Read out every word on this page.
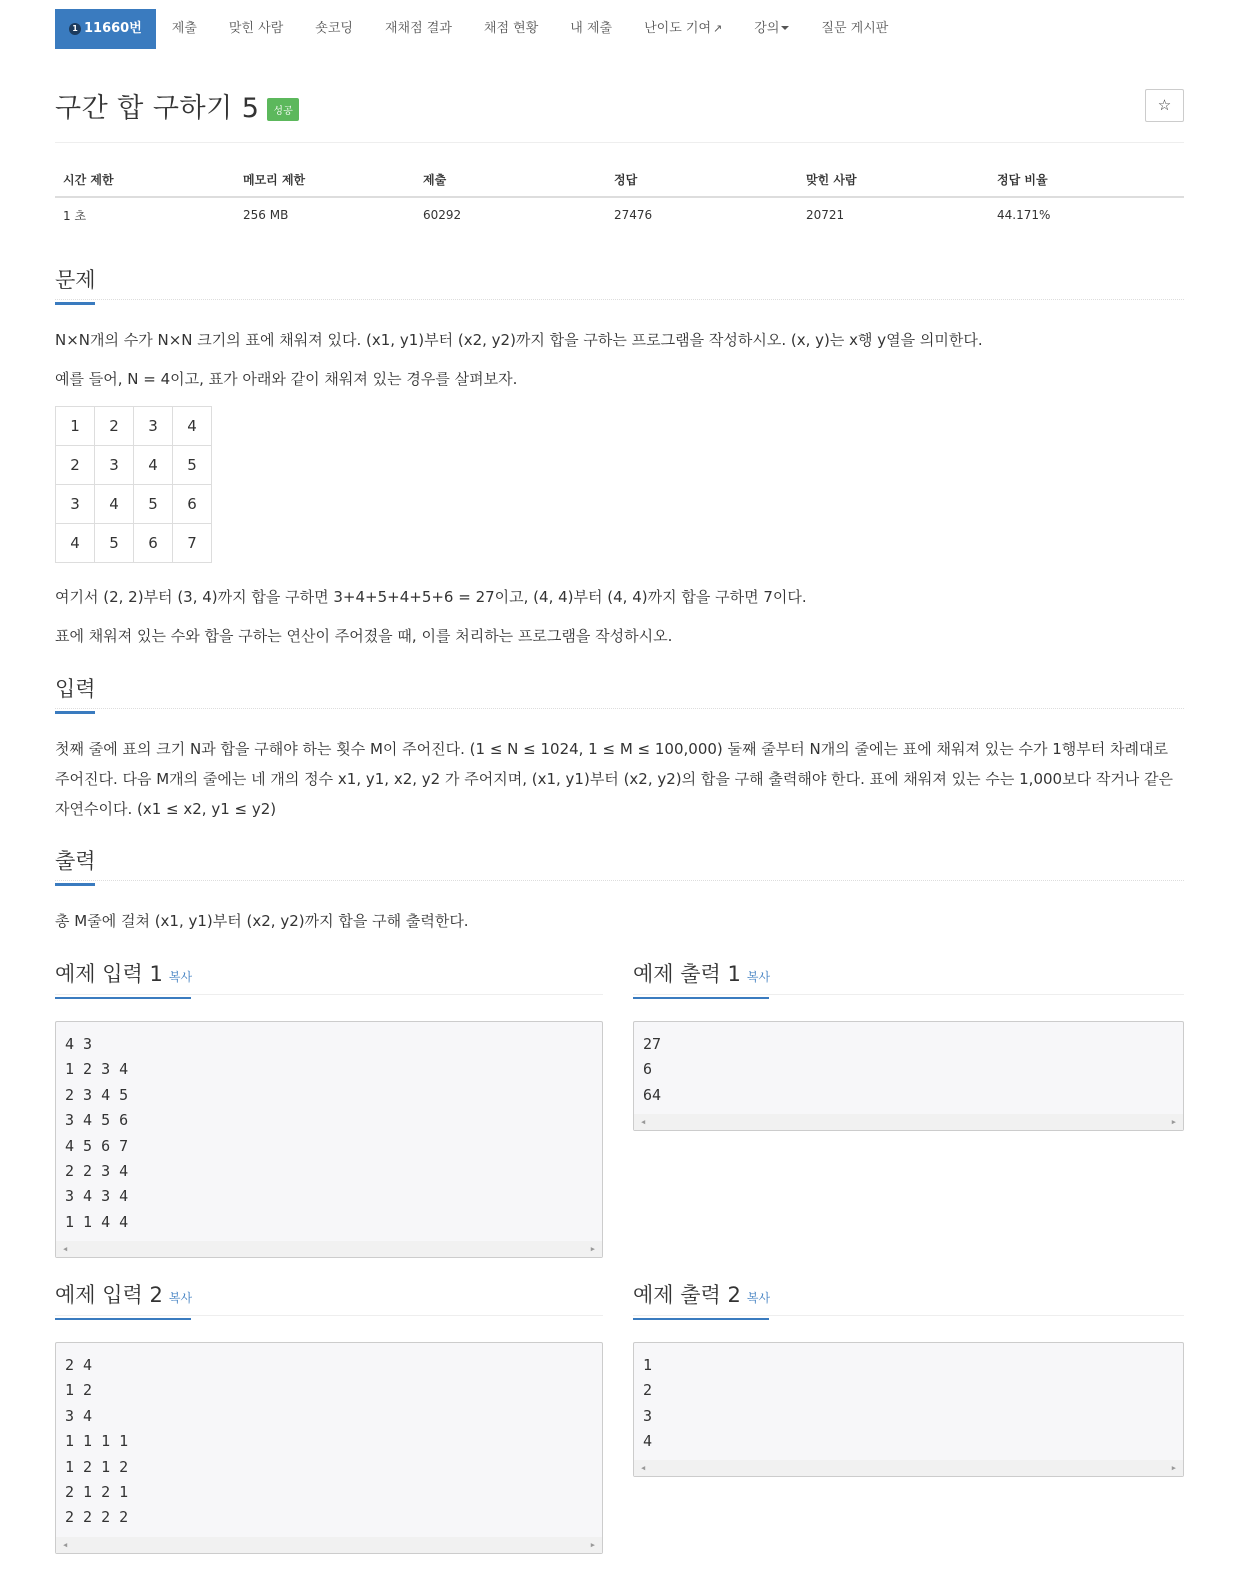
1 11660번	제출	맞힌 사람	숏코딩	재채점 결과	채점 현황	내 제출	난이도 기여 ↗	강의	질문 게시판
구간 합 구하기 5	성공	☆
시간 제한	메모리 제한	제출	정답	맞힌 사람	정답 비율
1 초	256 MB	60292	27476	20721	44.171%
문제

N×N개의 수가 N×N 크기의 표에 채워져 있다. (x1, y1)부터 (x2, y2)까지 합을 구하는 프로그램을 작성하시오. (x, y)는 x행 y열을 의미한다.

예를 들어, N = 4이고, 표가 아래와 같이 채워져 있는 경우를 살펴보자.

1	2	3	4
2	3	4	5
3	4	5	6
4	5	6	7

여기서 (2, 2)부터 (3, 4)까지 합을 구하면 3+4+5+4+5+6 = 27이고, (4, 4)부터 (4, 4)까지 합을 구하면 7이다.

표에 채워져 있는 수와 합을 구하는 연산이 주어졌을 때, 이를 처리하는 프로그램을 작성하시오.

입력

첫째 줄에 표의 크기 N과 합을 구해야 하는 횟수 M이 주어진다. (1 ≤ N ≤ 1024, 1 ≤ M ≤ 100,000) 둘째 줄부터 N개의 줄에는 표에 채워져 있는 수가 1행부터 차례대로 주어진다. 다음 M개의 줄에는 네 개의 정수 x1, y1, x2, y2 가 주어지며, (x1, y1)부터 (x2, y2)의 합을 구해 출력해야 한다. 표에 채워져 있는 수는 1,000보다 작거나 같은 자연수이다. (x1 ≤ x2, y1 ≤ y2)

출력

총 M줄에 걸쳐 (x1, y1)부터 (x2, y2)까지 합을 구해 출력한다.

예제 입력 1 복사
4 3
1 2 3 4
2 3 4 5
3 4 5 6
4 5 6 7
2 2 3 4
3 4 3 4
1 1 4 4
◀	▶
예제 출력 1 복사
27
6
64
◀	▶
예제 입력 2 복사
2 4
1 2
3 4
1 1 1 1
1 2 1 2
2 1 2 1
2 2 2 2
◀	▶
예제 출력 2 복사
1
2
3
4
◀	▶
